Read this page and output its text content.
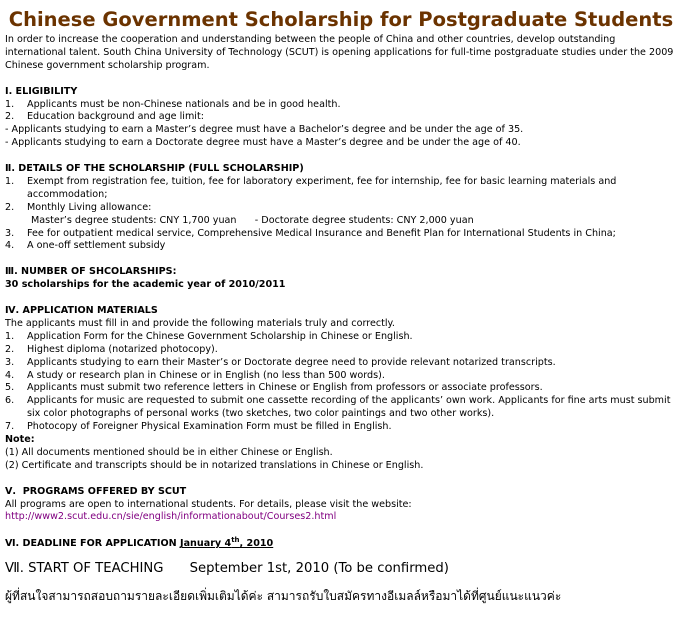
Chinese Government Scholarship for Postgraduate Students

In order to increase the cooperation and understanding between the people of China and other countries, develop outstanding international talent. South China University of Technology (SCUT) is opening applications for full-time postgraduate studies under the 2009 Chinese government scholarship program.

Ⅰ. ELIGIBILITY

1. Applicants must be non-Chinese nationals and be in good health.

2. Education background and age limit:

- Applicants studying to earn a Master’s degree must have a Bachelor’s degree and be under the age of 35.

- Applicants studying to earn a Doctorate degree must have a Master’s degree and be under the age of 40.

Ⅱ. DETAILS OF THE SCHOLARSHIP (FULL SCHOLARSHIP)

1. Exempt from registration fee, tuition, fee for laboratory experiment, fee for internship, fee for basic learning materials and accommodation;

2. Monthly Living allowance:

Master’s degree students: CNY 1,700 yuan      - Doctorate degree students: CNY 2,000 yuan

3. Fee for outpatient medical service, Comprehensive Medical Insurance and Benefit Plan for International Students in China;

4. A one-off settlement subsidy

Ⅲ. NUMBER OF SHCOLARSHIPS:

30 scholarships for the academic year of 2010/2011

Ⅳ. APPLICATION MATERIALS

The applicants must fill in and provide the following materials truly and correctly.

1. Application Form for the Chinese Government Scholarship in Chinese or English.

2. Highest diploma (notarized photocopy).

3. Applicants studying to earn their Master’s or Doctorate degree need to provide relevant notarized transcripts.

4. A study or research plan in Chinese or in English (no less than 500 words).

5. Applicants must submit two reference letters in Chinese or English from professors or associate professors.

6. Applicants for music are requested to submit one cassette recording of the applicants’ own work. Applicants for fine arts must submit six color photographs of personal works (two sketches, two color paintings and two other works).

7. Photocopy of Foreigner Physical Examination Form must be filled in English.

Note:

(1) All documents mentioned should be in either Chinese or English.

(2) Certificate and transcripts should be in notarized translations in Chinese or English.

Ⅴ.  PROGRAMS OFFERED BY SCUT

All programs are open to international students. For details, please visit the website:

http://www2.scut.edu.cn/sie/english/informationabout/Courses2.html

Ⅵ. DEADLINE FOR APPLICATION January 4th, 2010

Ⅶ. START OF TEACHING September 1st, 2010 (To be confirmed)

ผู้ที่สนใจสามารถสอบถามรายละเอียดเพิ่มเติมได้ค่ะ สามารถรับใบสมัครทางอีเมลล์หรือมาได้ที่ศูนย์แนะแนวค่ะ
